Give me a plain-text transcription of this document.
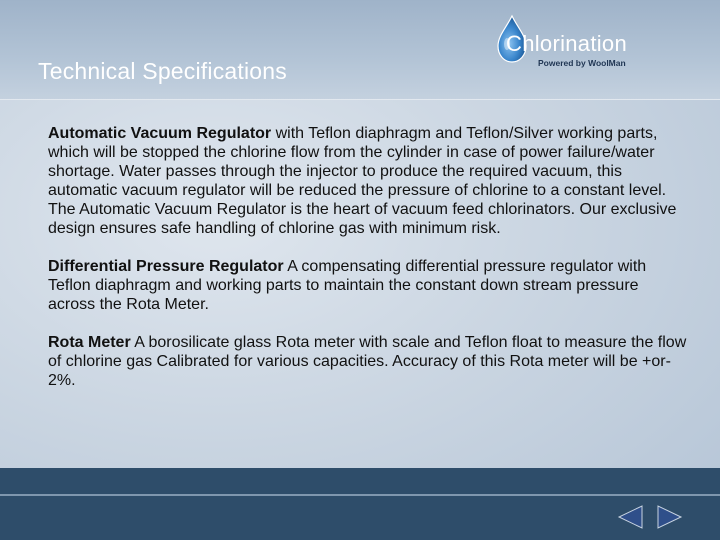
Technical Specifications
Chlorination
Powered by WoolMan

Automatic Vacuum Regulator with Teflon diaphragm and Teflon/Silver working parts, which will be stopped the chlorine flow from the cylinder in case of power failure/water shortage. Water passes through the injector to produce the required vacuum, this automatic vacuum regulator will be reduced the pressure of chlorine to a constant level. The Automatic Vacuum Regulator is the heart of vacuum feed chlorinators. Our exclusive design ensures safe handling of chlorine gas with minimum risk.

Differential Pressure Regulator A compensating differential pressure regulator with Teflon diaphragm and working parts to maintain the constant down stream pressure across the Rota Meter.

Rota Meter A borosilicate glass Rota meter with scale and Teflon float to measure the flow of chlorine gas Calibrated for various capacities. Accuracy of this Rota meter will be +or-2%.
